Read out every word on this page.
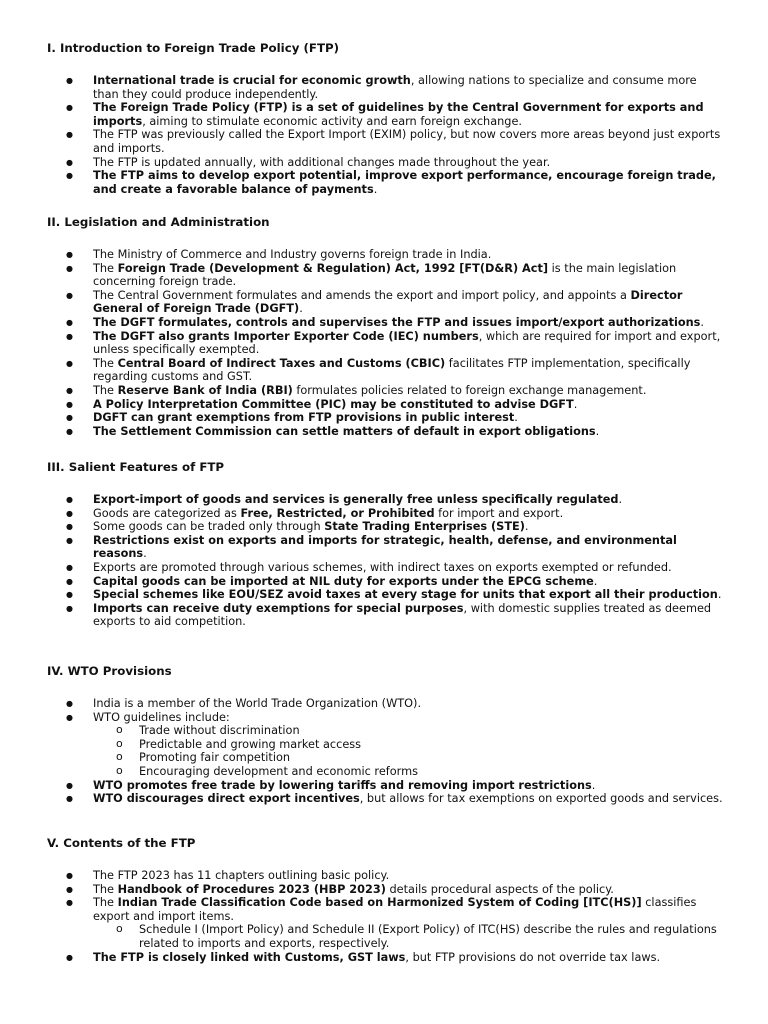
I. Introduction to Foreign Trade Policy (FTP)
● International trade is crucial for economic growth, allowing nations to specialize and consume more than they could produce independently.
● The Foreign Trade Policy (FTP) is a set of guidelines by the Central Government for exports and imports, aiming to stimulate economic activity and earn foreign exchange.
● The FTP was previously called the Export Import (EXIM) policy, but now covers more areas beyond just exports and imports.
● The FTP is updated annually, with additional changes made throughout the year.
● The FTP aims to develop export potential, improve export performance, encourage foreign trade, and create a favorable balance of payments.
II. Legislation and Administration
● The Ministry of Commerce and Industry governs foreign trade in India.
● The Foreign Trade (Development & Regulation) Act, 1992 [FT(D&R) Act] is the main legislation concerning foreign trade.
● The Central Government formulates and amends the export and import policy, and appoints a Director General of Foreign Trade (DGFT).
● The DGFT formulates, controls and supervises the FTP and issues import/export authorizations.
● The DGFT also grants Importer Exporter Code (IEC) numbers, which are required for import and export, unless specifically exempted.
● The Central Board of Indirect Taxes and Customs (CBIC) facilitates FTP implementation, specifically regarding customs and GST.
● The Reserve Bank of India (RBI) formulates policies related to foreign exchange management.
● A Policy Interpretation Committee (PIC) may be constituted to advise DGFT.
● DGFT can grant exemptions from FTP provisions in public interest.
● The Settlement Commission can settle matters of default in export obligations.
III. Salient Features of FTP
● Export-import of goods and services is generally free unless specifically regulated.
● Goods are categorized as Free, Restricted, or Prohibited for import and export.
● Some goods can be traded only through State Trading Enterprises (STE).
● Restrictions exist on exports and imports for strategic, health, defense, and environmental reasons.
● Exports are promoted through various schemes, with indirect taxes on exports exempted or refunded.
● Capital goods can be imported at NIL duty for exports under the EPCG scheme.
● Special schemes like EOU/SEZ avoid taxes at every stage for units that export all their production.
● Imports can receive duty exemptions for special purposes, with domestic supplies treated as deemed exports to aid competition.
IV. WTO Provisions
● India is a member of the World Trade Organization (WTO).
● WTO guidelines include:
o Trade without discrimination
o Predictable and growing market access
o Promoting fair competition
o Encouraging development and economic reforms
● WTO promotes free trade by lowering tariffs and removing import restrictions.
● WTO discourages direct export incentives, but allows for tax exemptions on exported goods and services.
V. Contents of the FTP
● The FTP 2023 has 11 chapters outlining basic policy.
● The Handbook of Procedures 2023 (HBP 2023) details procedural aspects of the policy.
● The Indian Trade Classification Code based on Harmonized System of Coding [ITC(HS)] classifies export and import items.
o Schedule I (Import Policy) and Schedule II (Export Policy) of ITC(HS) describe the rules and regulations related to imports and exports, respectively.
● The FTP is closely linked with Customs, GST laws, but FTP provisions do not override tax laws.
